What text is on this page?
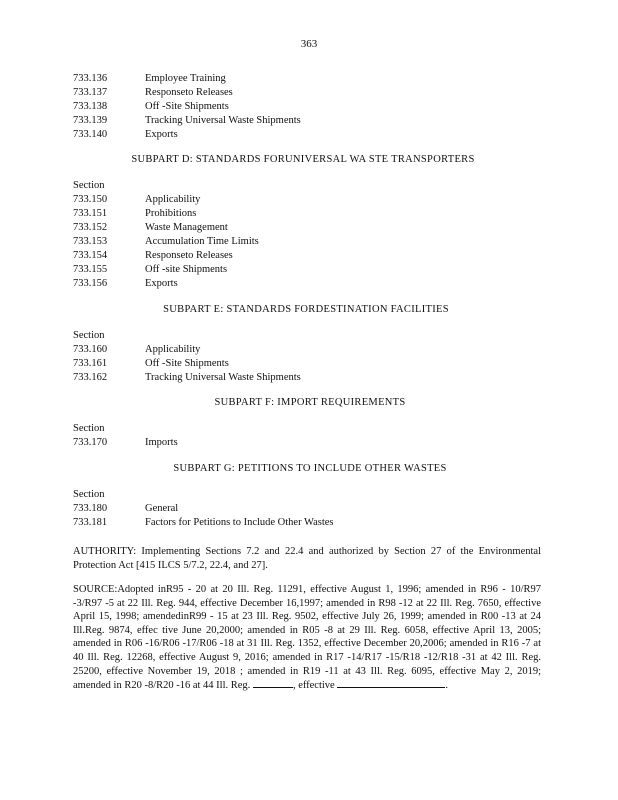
363
733.136	Employee Training
733.137	Responseto Releases
733.138	Off -Site Shipments
733.139	Tracking Universal Waste Shipments
733.140	Exports
SUBPART D: STANDARDS FORUNIVERSAL WA STE TRANSPORTERS
Section
733.150	Applicability
733.151	Prohibitions
733.152	Waste Management
733.153	Accumulation Time Limits
733.154	Responseto Releases
733.155	Off -site Shipments
733.156	Exports
SUBPART E: STANDARDS FORDESTINATION FACILITIES
Section
733.160	Applicability
733.161	Off -Site Shipments
733.162	Tracking Universal Waste Shipments
SUBPART F: IMPORT REQUIREMENTS
Section
733.170	Imports
SUBPART G: PETITIONS TO INCLUDE OTHER WASTES
Section
733.180	General
733.181	Factors for Petitions to Include Other Wastes
AUTHORITY: Implementing Sections 7.2 and 22.4 and authorized by Section 27 of the Environmental Protection Act [415 ILCS 5/7.2, 22.4, and 27].
SOURCE:Adopted inR95 - 20 at 20 Ill. Reg. 11291, effective August 1, 1996; amended in R96 - 10/R97 -3/R97 -5 at 22 Ill. Reg. 944, effective December 16,1997; amended in R98 -12 at 22 Ill. Reg. 7650, effective April 15, 1998; amendedinR99 - 15 at 23 Ill. Reg. 9502, effective July 26, 1999; amended in R00 -13 at 24 Ill.Reg. 9874, effec tive June 20,2000; amended in R05 -8 at 29 Ill. Reg. 6058, effective April 13, 2005; amended in R06 -16/R06 -17/R06 -18 at 31 Ill. Reg. 1352, effective December 20,2006; amended in R16 -7 at 40 Ill. Reg. 12268, effective August 9, 2016; amended in R17 -14/R17 -15/R18 -12/R18 -31 at 42 Ill. Reg. 25200, effective November 19, 2018 ; amended in R19 -11 at 43 Ill. Reg. 6095, effective May 2, 2019; amended in R20 -8/R20 -16 at 44 Ill. Reg.	, effective	.
